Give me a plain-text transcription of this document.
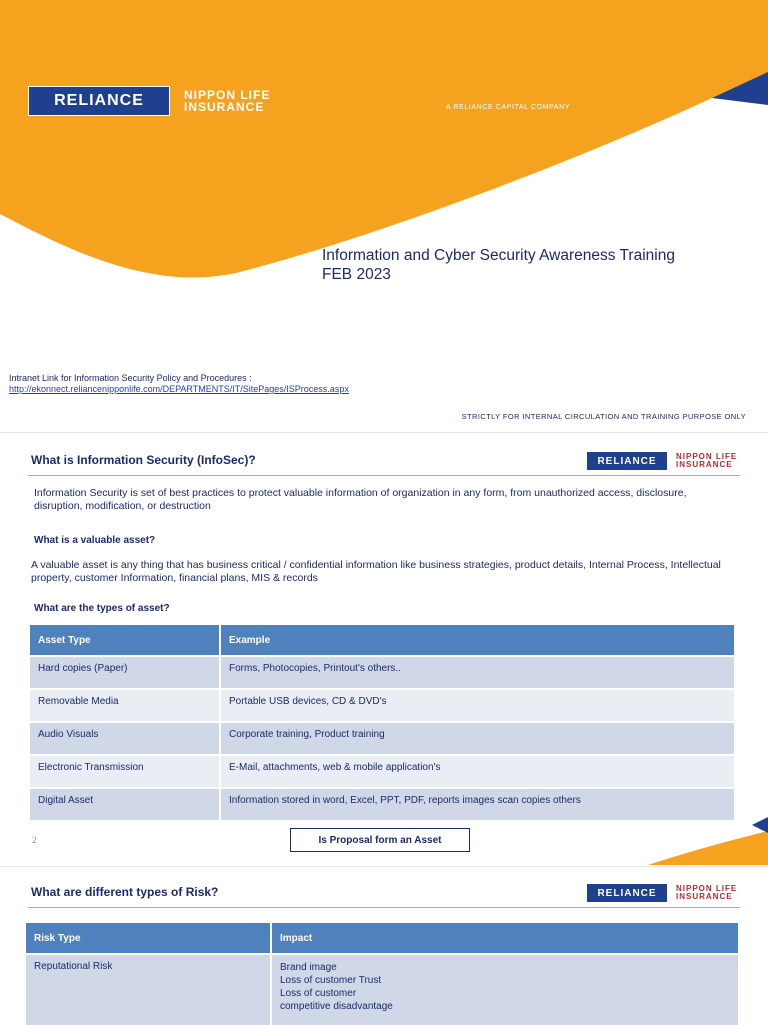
RELIANCE	NIPPON LIFE
INSURANCE	A RELIANCE CAPITAL COMPANY
Information and Cyber Security Awareness Training
FEB 2023
Intranet Link for Information Security Policy and Procedures :
http://ekonnect.reliancenipponlife.com/DEPARTMENTS/IT/SitePages/ISProcess.aspx
STRICTLY FOR INTERNAL CIRCULATION AND TRAINING PURPOSE ONLY
What is Information Security (InfoSec)?	RELIANCE	NIPPON LIFE
INSURANCE
Information Security is set of best practices to protect valuable information of organization in any form, from unauthorized access, disclosure, disruption, modification, or destruction
What is a valuable asset?
A valuable asset is any thing that has business critical / confidential information like business strategies, product details, Internal Process, Intellectual property, customer Information, financial plans, MIS & records
What are the types of asset?
Asset Type	Example
Hard copies (Paper)	Forms, Photocopies, Printout's others..
Removable Media	Portable USB devices, CD & DVD's
Audio Visuals	Corporate training, Product training
Electronic Transmission	E-Mail, attachments, web & mobile application's
Digital Asset	Information stored in word, Excel, PPT, PDF, reports images scan copies others
2	Is Proposal form an Asset
What are different types of Risk?	RELIANCE	NIPPON LIFE
INSURANCE
Risk Type	Impact
Reputational Risk	Brand image
Loss of customer Trust
Loss of customer
competitive disadvantage
